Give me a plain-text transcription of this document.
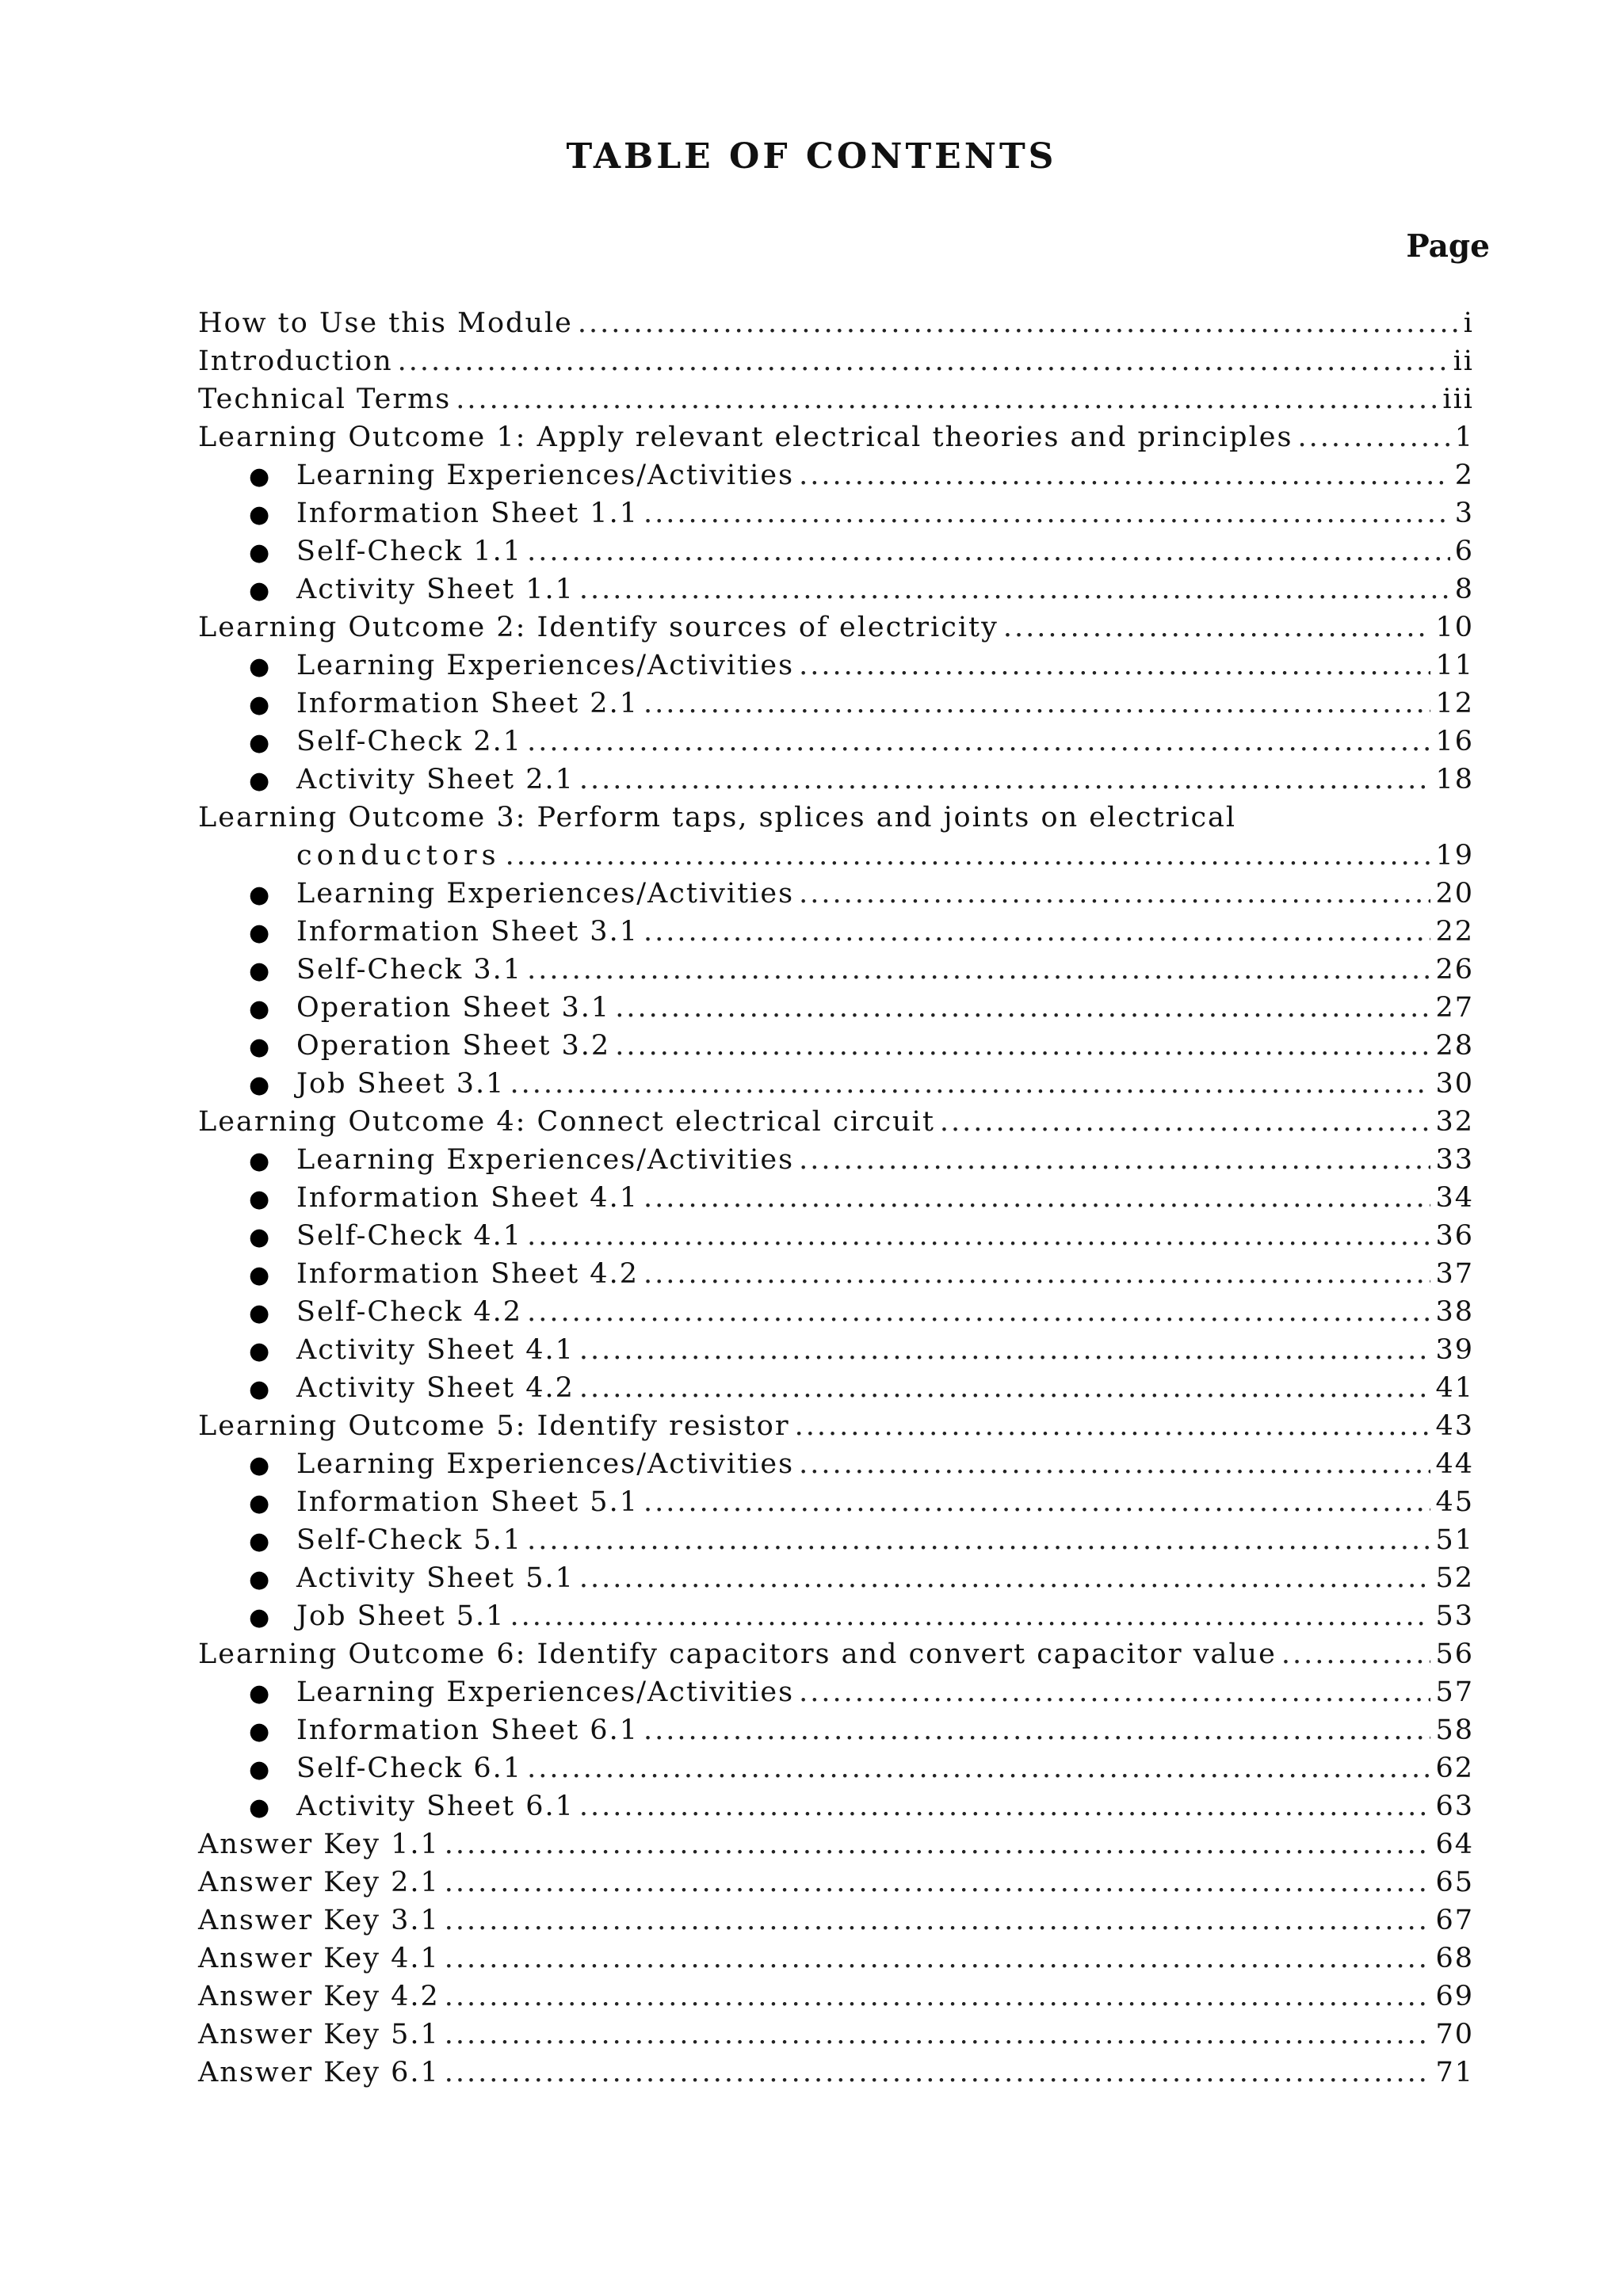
TABLE OF CONTENTS
Page
How to Use this Module .....	i
Introduction .....	ii
Technical Terms .....	iii
Learning Outcome 1: Apply relevant electrical theories and principles .....	1
● Learning Experiences/Activities .....	2
● Information Sheet 1.1 .....	3
● Self-Check 1.1 .....	6
● Activity Sheet 1.1 .....	8
Learning Outcome 2: Identify sources of electricity .....	10
● Learning Experiences/Activities .....	11
● Information Sheet 2.1 .....	12
● Self-Check 2.1 .....	16
● Activity Sheet 2.1 .....	18
Learning Outcome 3: Perform taps, splices and joints on electrical
conductors .....	19
● Learning Experiences/Activities .....	20
● Information Sheet 3.1 .....	22
● Self-Check 3.1 .....	26
● Operation Sheet 3.1 .....	27
● Operation Sheet 3.2 .....	28
● Job Sheet 3.1 .....	30
Learning Outcome 4: Connect electrical circuit .....	32
● Learning Experiences/Activities .....	33
● Information Sheet 4.1 .....	34
● Self-Check 4.1 .....	36
● Information Sheet 4.2 .....	37
● Self-Check 4.2 .....	38
● Activity Sheet 4.1 .....	39
● Activity Sheet 4.2 .....	41
Learning Outcome 5: Identify resistor .....	43
● Learning Experiences/Activities .....	44
● Information Sheet 5.1 .....	45
● Self-Check 5.1 .....	51
● Activity Sheet 5.1 .....	52
● Job Sheet 5.1 .....	53
Learning Outcome 6: Identify capacitors and convert capacitor value .....	56
● Learning Experiences/Activities .....	57
● Information Sheet 6.1 .....	58
● Self-Check 6.1 .....	62
● Activity Sheet 6.1 .....	63
Answer Key 1.1 .....	64
Answer Key 2.1 .....	65
Answer Key 3.1 .....	67
Answer Key 4.1 .....	68
Answer Key 4.2 .....	69
Answer Key 5.1 .....	70
Answer Key 6.1 .....	71
